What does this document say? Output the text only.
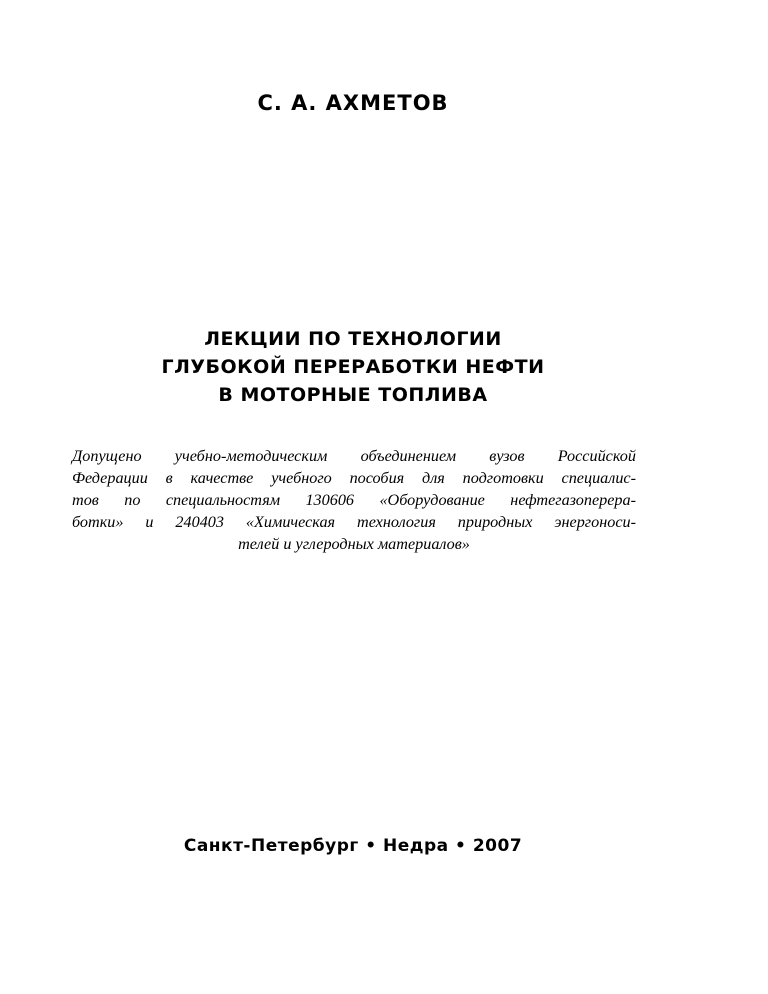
С. А. АХМЕТОВ
ЛЕКЦИИ ПО ТЕХНОЛОГИИ
ГЛУБОКОЙ ПЕРЕРАБОТКИ НЕФТИ
В МОТОРНЫЕ ТОПЛИВА
Допущено учебно-методическим объединением вузов Российской
Федерации в качестве учебного пособия для подготовки специалис-
тов по специальностям 130606 «Оборудование нефтегазоперера-
ботки» и 240403 «Химическая технология природных энергоноси-
телей и углеродных материалов»
Санкт-Петербург • Недра • 2007
